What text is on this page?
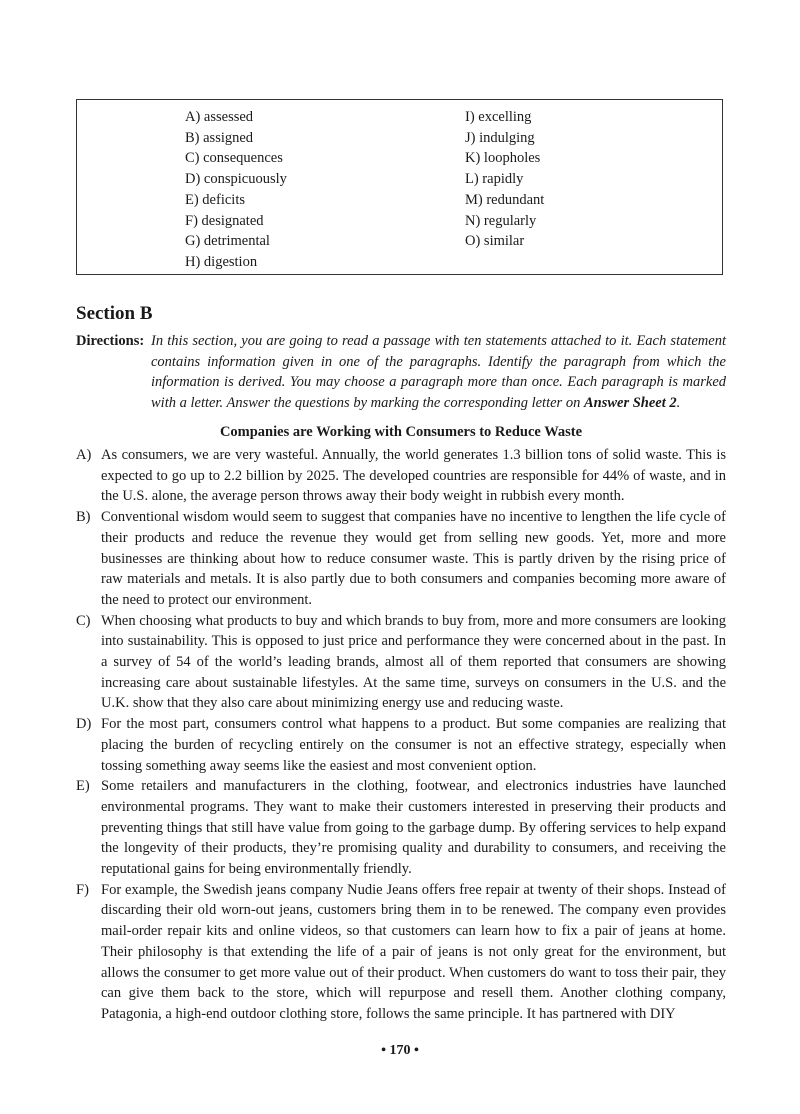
A) assessed
B) assigned
C) consequences
D) conspicuously
E) deficits
F) designated
G) detrimental
H) digestion
I) excelling
J) indulging
K) loopholes
L) rapidly
M) redundant
N) regularly
O) similar
Section B
Directions: In this section, you are going to read a passage with ten statements attached to it. Each statement contains information given in one of the paragraphs. Identify the paragraph from which the information is derived. You may choose a paragraph more than once. Each paragraph is marked with a letter. Answer the questions by marking the corresponding letter on Answer Sheet 2.
Companies are Working with Consumers to Reduce Waste
A) As consumers, we are very wasteful. Annually, the world generates 1.3 billion tons of solid waste. This is expected to go up to 2.2 billion by 2025. The developed countries are responsible for 44% of waste, and in the U.S. alone, the average person throws away their body weight in rubbish every month.
B) Conventional wisdom would seem to suggest that companies have no incentive to lengthen the life cycle of their products and reduce the revenue they would get from selling new goods. Yet, more and more businesses are thinking about how to reduce consumer waste. This is partly driven by the rising price of raw materials and metals. It is also partly due to both consumers and companies becoming more aware of the need to protect our environment.
C) When choosing what products to buy and which brands to buy from, more and more consumers are looking into sustainability. This is opposed to just price and performance they were concerned about in the past. In a survey of 54 of the world’s leading brands, almost all of them reported that consumers are showing increasing care about sustainable lifestyles. At the same time, surveys on consumers in the U.S. and the U.K. show that they also care about minimizing energy use and reducing waste.
D) For the most part, consumers control what happens to a product. But some companies are realizing that placing the burden of recycling entirely on the consumer is not an effective strategy, especially when tossing something away seems like the easiest and most convenient option.
E) Some retailers and manufacturers in the clothing, footwear, and electronics industries have launched environmental programs. They want to make their customers interested in preserving their products and preventing things that still have value from going to the garbage dump. By offering services to help expand the longevity of their products, they’re promising quality and durability to consumers, and receiving the reputational gains for being environmentally friendly.
F) For example, the Swedish jeans company Nudie Jeans offers free repair at twenty of their shops. Instead of discarding their old worn-out jeans, customers bring them in to be renewed. The company even provides mail-order repair kits and online videos, so that customers can learn how to fix a pair of jeans at home. Their philosophy is that extending the life of a pair of jeans is not only great for the environment, but allows the consumer to get more value out of their product. When customers do want to toss their pair, they can give them back to the store, which will repurpose and resell them. Another clothing company, Patagonia, a high-end outdoor clothing store, follows the same principle. It has partnered with DIY
• 170 •
